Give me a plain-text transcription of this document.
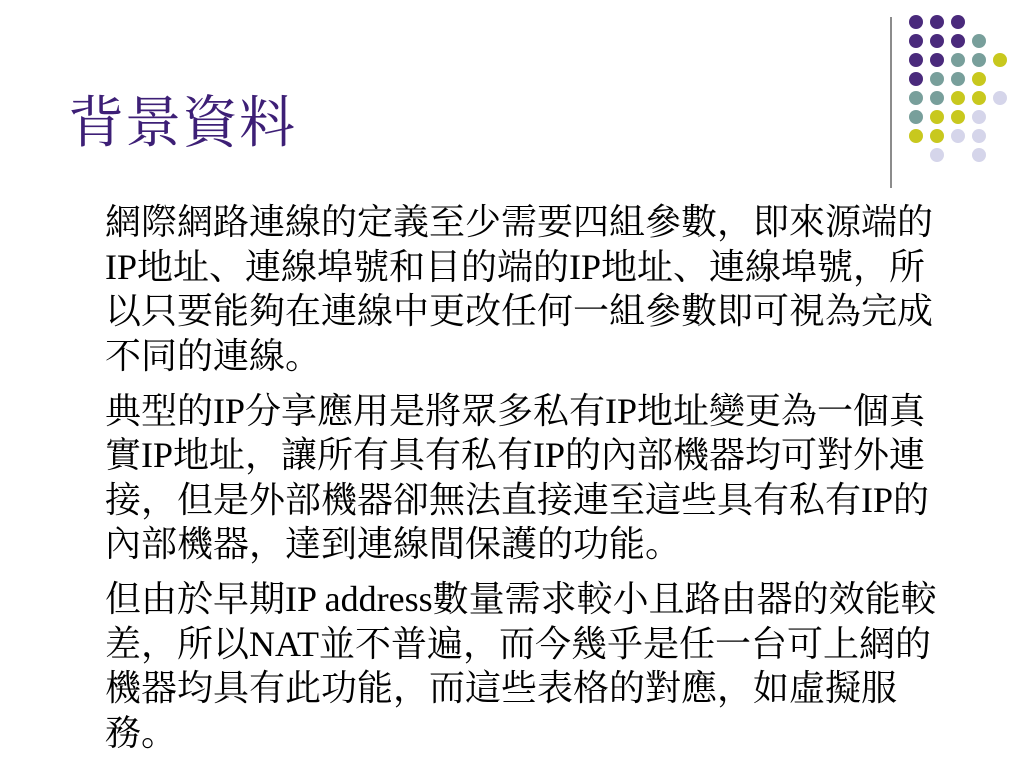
背景資料
網際網路連線的定義至少需要四組參數，即來源端的
IP地址、連線埠號和目的端的IP地址、連線埠號，所
以只要能夠在連線中更改任何一組參數即可視為完成
不同的連線。
典型的IP分享應用是將眾多私有IP地址變更為一個真
實IP地址，讓所有具有私有IP的內部機器均可對外連
接，但是外部機器卻無法直接連至這些具有私有IP的
內部機器，達到連線間保護的功能。
但由於早期IP address數量需求較小且路由器的效能較
差，所以NAT並不普遍，而今幾乎是任一台可上網的
機器均具有此功能，而這些表格的對應，如虛擬服
務。
